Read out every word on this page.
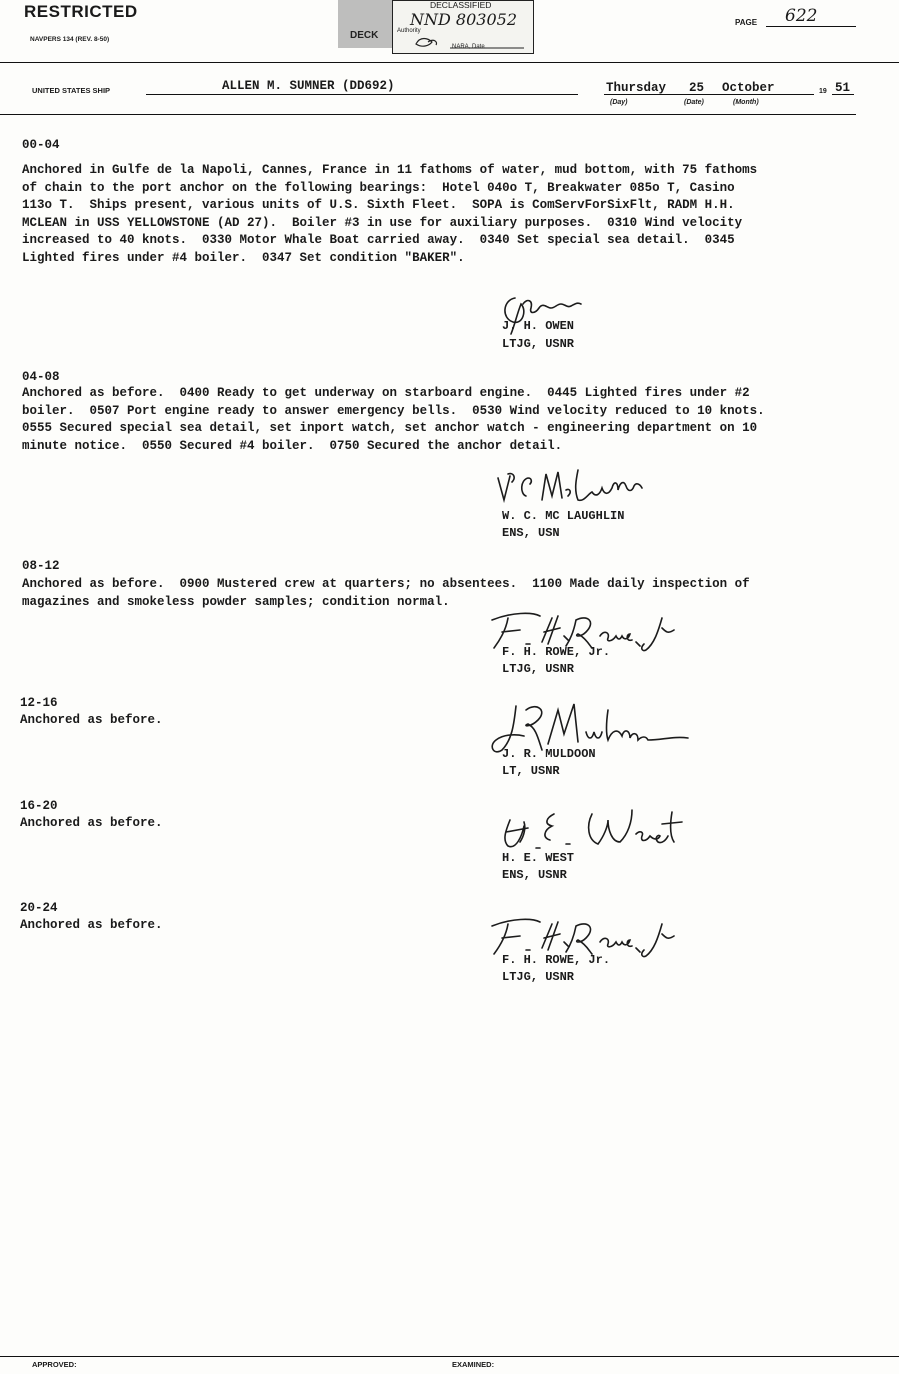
RESTRICTED
NAVPERS 134 (REV. 8-50)
DECLASSIFIED
NND 803052
Authority
NARA, Date
DECK
PAGE 622
UNITED STATES SHIP	ALLEN M. SUMNER (DD692)	Thursday 25 October	19 51
(Day)	(Date)	(Month)
00-04
Anchored in Gulfe de la Napoli, Cannes, France in 11 fathoms of water, mud bottom, with 75 fathoms
of chain to the port anchor on the following bearings:  Hotel 040o T, Breakwater 085o T, Casino
113o T.  Ships present, various units of U.S. Sixth Fleet.  SOPA is ComServForSixFlt, RADM H.H.
MCLEAN in USS YELLOWSTONE (AD 27).  Boiler #3 in use for auxiliary purposes.  0310 Wind velocity
increased to 40 knots.  0330 Motor Whale Boat carried away.  0340 Set special sea detail.  0345
Lighted fires under #4 boiler.  0347 Set condition "BAKER".
J. H. OWEN
LTJG, USNR
04-08
Anchored as before.  0400 Ready to get underway on starboard engine.  0445 Lighted fires under #2
boiler.  0507 Port engine ready to answer emergency bells.  0530 Wind velocity reduced to 10 knots.
0555 Secured special sea detail, set inport watch, set anchor watch - engineering department on 10
minute notice.  0550 Secured #4 boiler.  0750 Secured the anchor detail.
W. C. MC LAUGHLIN
ENS, USN
08-12
Anchored as before.  0900 Mustered crew at quarters; no absentees.  1100 Made daily inspection of
magazines and smokeless powder samples; condition normal.
F. H. ROWE, Jr.
LTJG, USNR
12-16
Anchored as before.
J. R. MULDOON
LT, USNR
16-20
Anchored as before.
H. E. WEST
ENS, USNR
20-24
Anchored as before.
F. H. ROWE, Jr.
LTJG, USNR
APPROVED:	EXAMINED:
